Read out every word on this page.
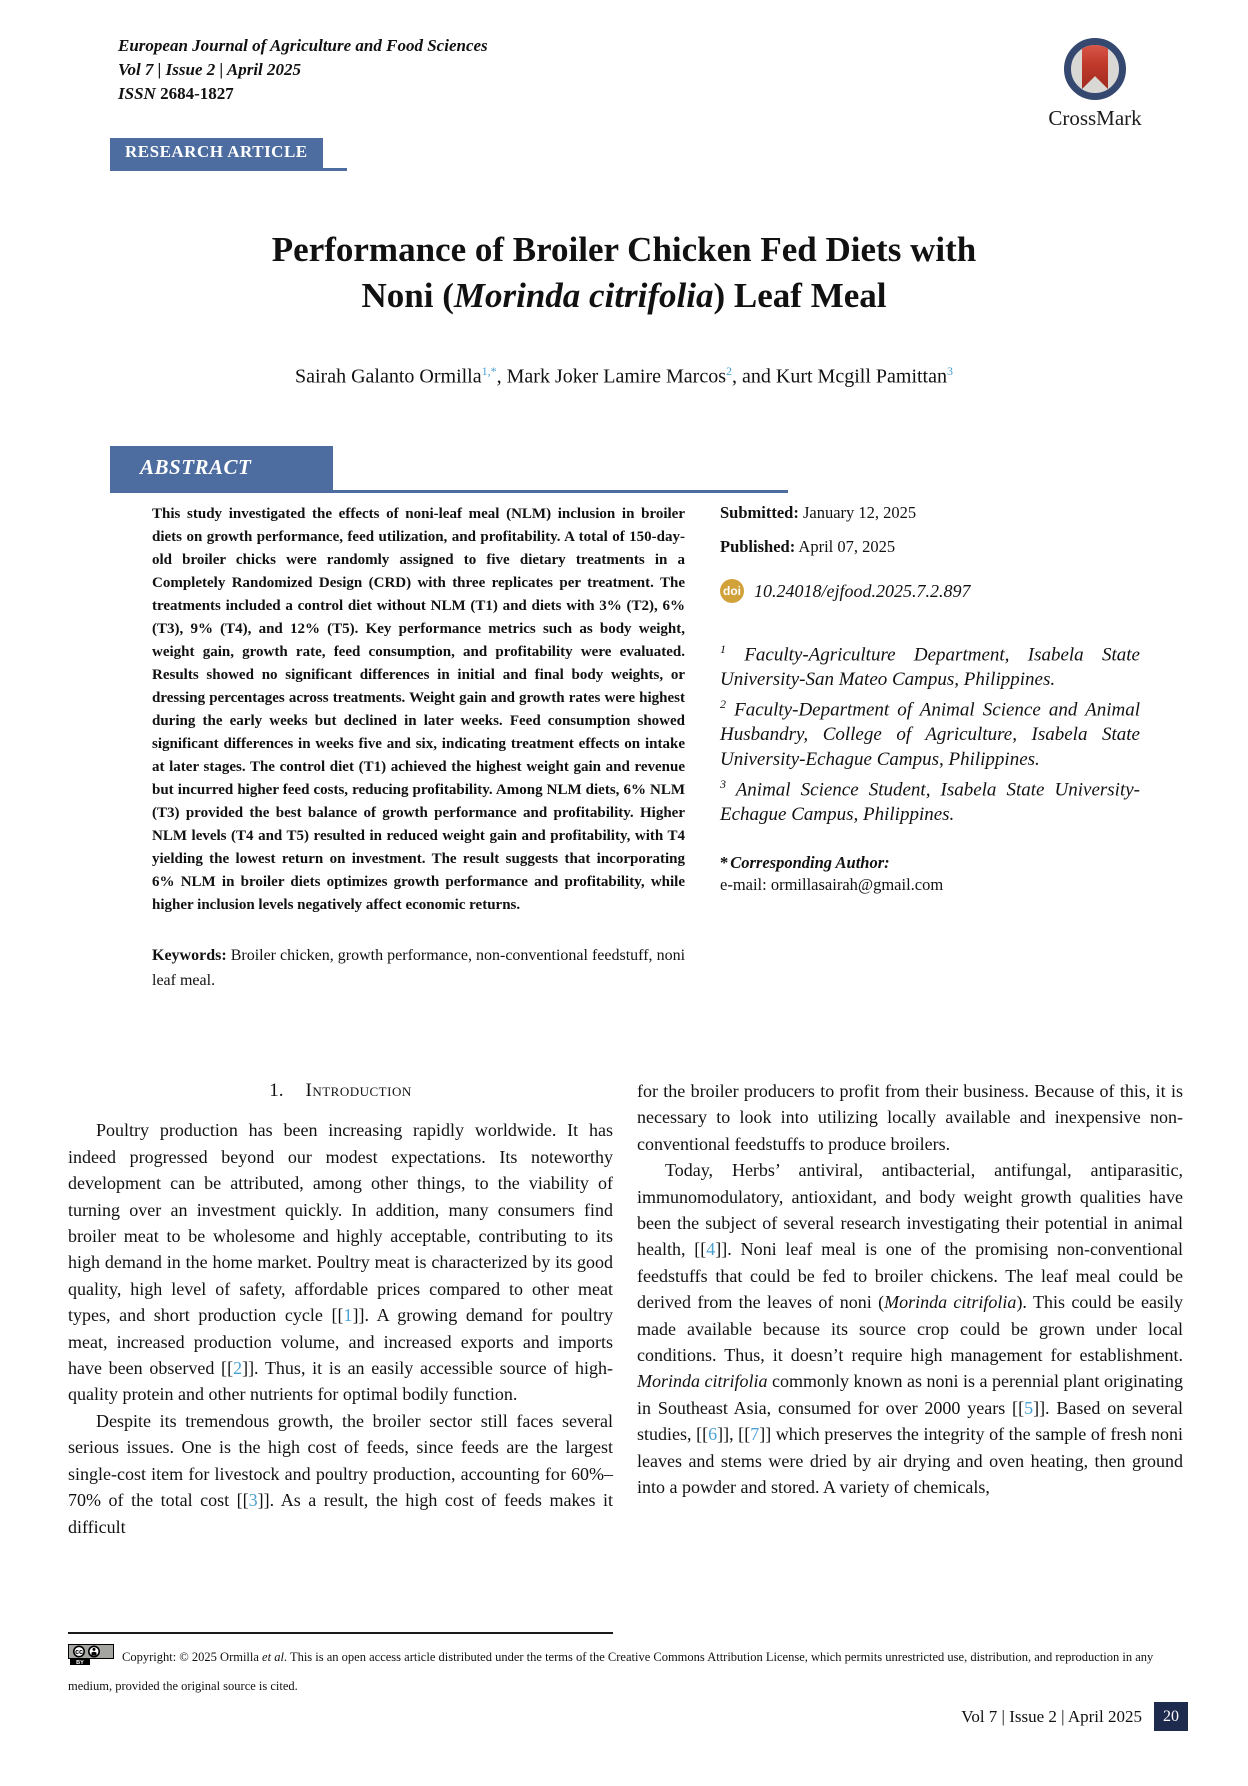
European Journal of Agriculture and Food Sciences
Vol 7 | Issue 2 | April 2025
ISSN 2684-1827
CrossMark
RESEARCH ARTICLE
Performance of Broiler Chicken Fed Diets with
Noni (Morinda citrifolia) Leaf Meal
Sairah Galanto Ormilla$^{1,*}$, Mark Joker Lamire Marcos$^2$, and Kurt Mcgill Pamittan$^3$
ABSTRACT

This study investigated the effects of noni-leaf meal (NLM) inclusion in broiler diets on growth performance, feed utilization, and profitability. A total of 150-day-old broiler chicks were randomly assigned to five dietary treatments in a Completely Randomized Design (CRD) with three replicates per treatment. The treatments included a control diet without NLM (T1) and diets with 3% (T2), 6% (T3), 9% (T4), and 12% (T5). Key performance metrics such as body weight, weight gain, growth rate, feed consumption, and profitability were evaluated. Results showed no significant differences in initial and final body weights, or dressing percentages across treatments. Weight gain and growth rates were highest during the early weeks but declined in later weeks. Feed consumption showed significant differences in weeks five and six, indicating treatment effects on intake at later stages. The control diet (T1) achieved the highest weight gain and revenue but incurred higher feed costs, reducing profitability. Among NLM diets, 6% NLM (T3) provided the best balance of growth performance and profitability. Higher NLM levels (T4 and T5) resulted in reduced weight gain and profitability, with T4 yielding the lowest return on investment. The result suggests that incorporating 6% NLM in broiler diets optimizes growth performance and profitability, while higher inclusion levels negatively affect economic returns.

Keywords: Broiler chicken, growth performance, non-conventional feedstuff, noni leaf meal.

Submitted: January 12, 2025

Published: April 07, 2025

doi 10.24018/ejfood.2025.7.2.897

$^1$ Faculty-Agriculture Department, Isabela State University-San Mateo Campus, Philippines.
$^2$ Faculty-Department of Animal Science and Animal Husbandry, College of Agriculture, Isabela State University-Echague Campus, Philippines.
$^3$ Animal Science Student, Isabela State University-Echague Campus, Philippines.

* Corresponding Author:

e-mail: ormillasairah@gmail.com

1. Introduction

Poultry production has been increasing rapidly worldwide. It has indeed progressed beyond our modest expectations. Its noteworthy development can be attributed, among other things, to the viability of turning over an investment quickly. In addition, many consumers find broiler meat to be wholesome and highly acceptable, contributing to its high demand in the home market. Poultry meat is characterized by its good quality, high level of safety, affordable prices compared to other meat types, and short production cycle [[1]]. A growing demand for poultry meat, increased production volume, and increased exports and imports have been observed [[2]]. Thus, it is an easily accessible source of high-quality protein and other nutrients for optimal bodily function.

Despite its tremendous growth, the broiler sector still faces several serious issues. One is the high cost of feeds, since feeds are the largest single-cost item for livestock and poultry production, accounting for 60%–70% of the total cost [[3]]. As a result, the high cost of feeds makes it difficult

for the broiler producers to profit from their business. Because of this, it is necessary to look into utilizing locally available and inexpensive non-conventional feedstuffs to produce broilers.

Today, Herbs’ antiviral, antibacterial, antifungal, antiparasitic, immunomodulatory, antioxidant, and body weight growth qualities have been the subject of several research investigating their potential in animal health, [[4]]. Noni leaf meal is one of the promising non-conventional feedstuffs that could be fed to broiler chickens. The leaf meal could be derived from the leaves of noni (Morinda citrifolia). This could be easily made available because its source crop could be grown under local conditions. Thus, it doesn’t require high management for establishment. Morinda citrifolia commonly known as noni is a perennial plant originating in Southeast Asia, consumed for over 2000 years [[5]]. Based on several studies, [[6]], [[7]] which preserves the integrity of the sample of fresh noni leaves and stems were dried by air drying and oven heating, then ground into a powder and stored. A variety of chemicals,

cc
BY	Copyright: © 2025 Ormilla et al. This is an open access article distributed under the terms of the Creative Commons Attribution License, which permits unrestricted use, distribution, and reproduction in any medium, provided the original source is cited.
Vol 7 | Issue 2 | April 2025	20
